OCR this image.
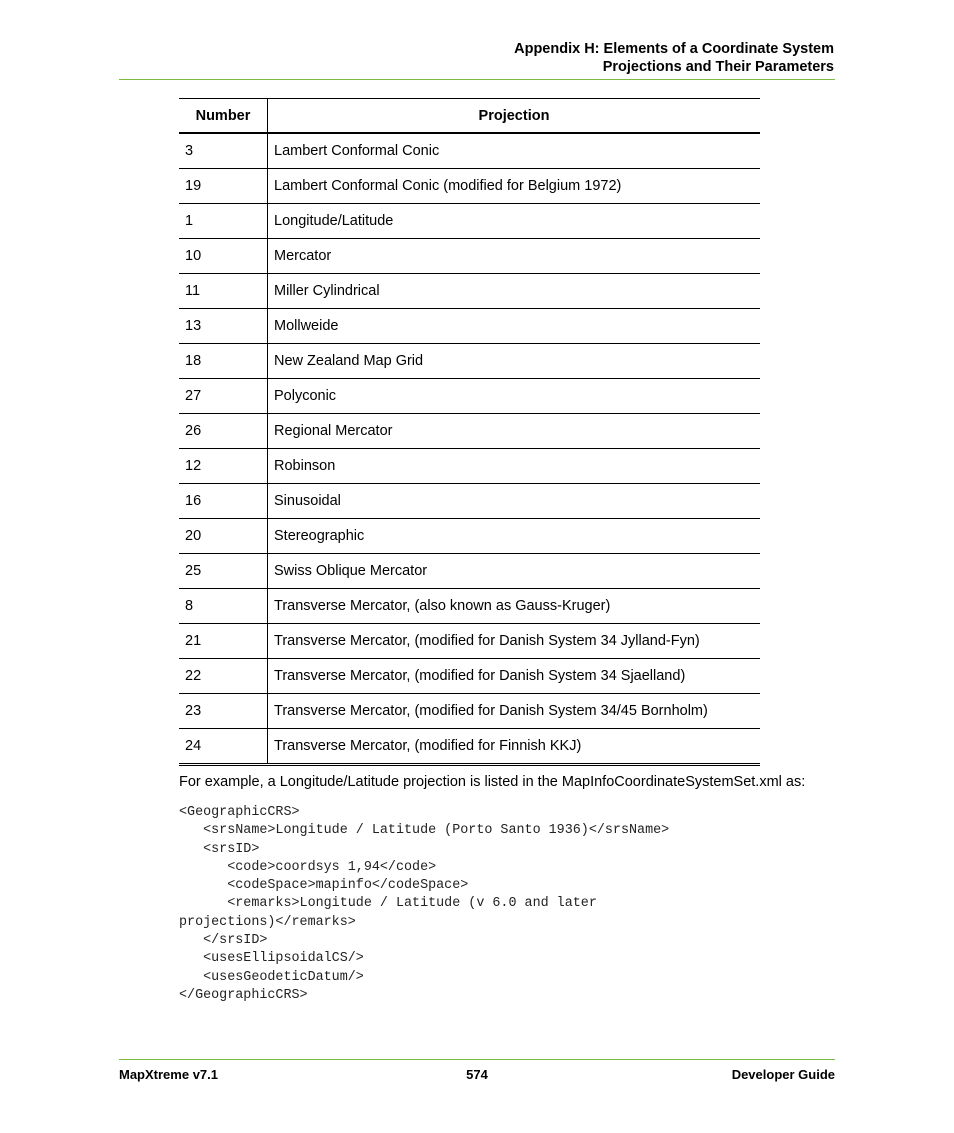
Appendix H: Elements of a Coordinate System
Projections and Their Parameters
Number	Projection
3	Lambert Conformal Conic
19	Lambert Conformal Conic (modified for Belgium 1972)
1	Longitude/Latitude
10	Mercator
11	Miller Cylindrical
13	Mollweide
18	New Zealand Map Grid
27	Polyconic
26	Regional Mercator
12	Robinson
16	Sinusoidal
20	Stereographic
25	Swiss Oblique Mercator
8	Transverse Mercator, (also known as Gauss-Kruger)
21	Transverse Mercator, (modified for Danish System 34 Jylland-Fyn)
22	Transverse Mercator, (modified for Danish System 34 Sjaelland)
23	Transverse Mercator, (modified for Danish System 34/45 Bornholm)
24	Transverse Mercator, (modified for Finnish KKJ)
For example, a Longitude/Latitude projection is listed in the MapInfoCoordinateSystemSet.xml as:
<GeographicCRS>
<srsName>Longitude / Latitude (Porto Santo 1936)</srsName>
<srsID>
<code>coordsys 1,94</code>
<codeSpace>mapinfo</codeSpace>
<remarks>Longitude / Latitude (v 6.0 and later
projections)</remarks>
</srsID>
<usesEllipsoidalCS/>
<usesGeodeticDatum/>
</GeographicCRS>
MapXtreme v7.1	574	Developer Guide
